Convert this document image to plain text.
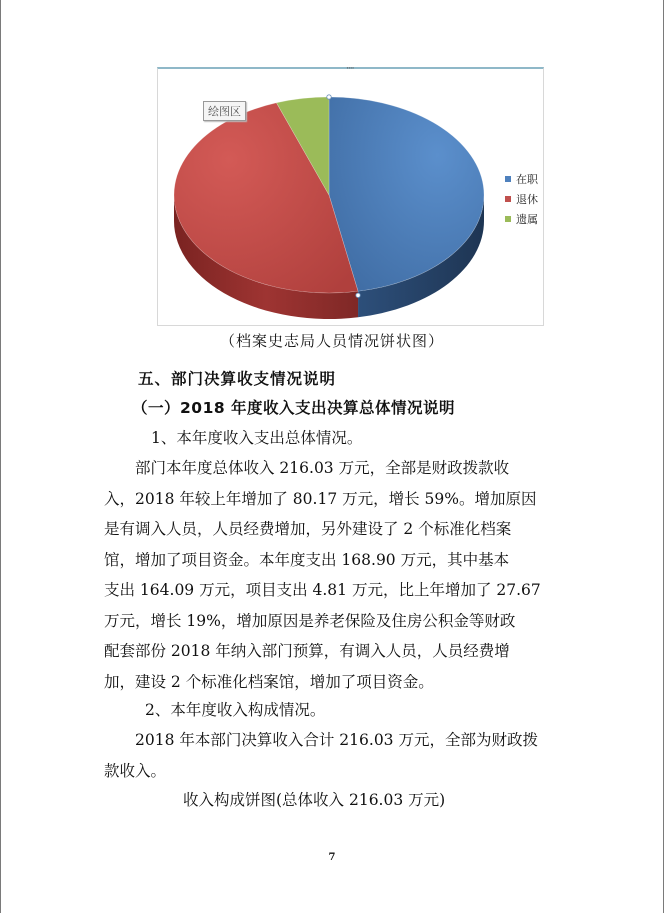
····
绘图区
在职
退休
遗属
（档案史志局人员情况饼状图）
五、部门决算收支情况说明
（一）2018 年度收入支出决算总体情况说明
1、本年度收入支出总体情况。
部门本年度总体收入 216.03 万元，全部是财政拨款收
入，2018 年较上年增加了 80.17 万元，增长 59%。增加原因
是有调入人员，人员经费增加，另外建设了 2 个标准化档案
馆，增加了项目资金。本年度支出 168.90 万元，其中基本
支出 164.09 万元，项目支出 4.81 万元，比上年增加了 27.67
万元，增长 19%，增加原因是养老保险及住房公积金等财政
配套部份 2018 年纳入部门预算，有调入人员，人员经费增
加，建设 2 个标准化档案馆，增加了项目资金。
2、本年度收入构成情况。
2018 年本部门决算收入合计 216.03 万元，全部为财政拨
款收入。
收入构成饼图(总体收入 216.03 万元)
7
